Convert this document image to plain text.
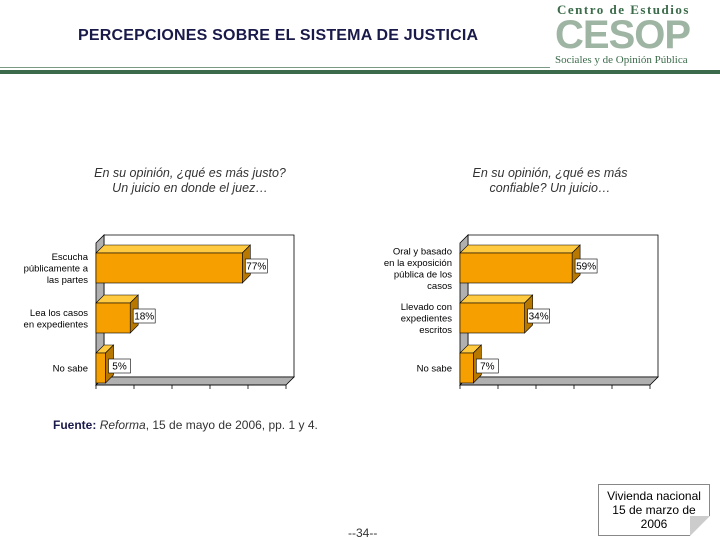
PERCEPCIONES SOBRE EL SISTEMA DE JUSTICIA
Centro de Estudios
CESOP
Sociales y de Opinión Pública
En su opinión, ¿qué es más justo?
Un juicio en donde el juez…
En su opinión, ¿qué es más
confiable? Un juicio…
77%
Escucha
públicamente a
las partes
18%
Lea los casos
en expedientes
5%
No sabe
59%
Oral y basado
en la exposición
pública de los
casos
34%
Llevado con
expedientes
escritos
7%
No sabe
Fuente: Reforma, 15 de mayo de 2006, pp. 1 y 4.
--34--
Vivienda nacional
15 de marzo de
2006
